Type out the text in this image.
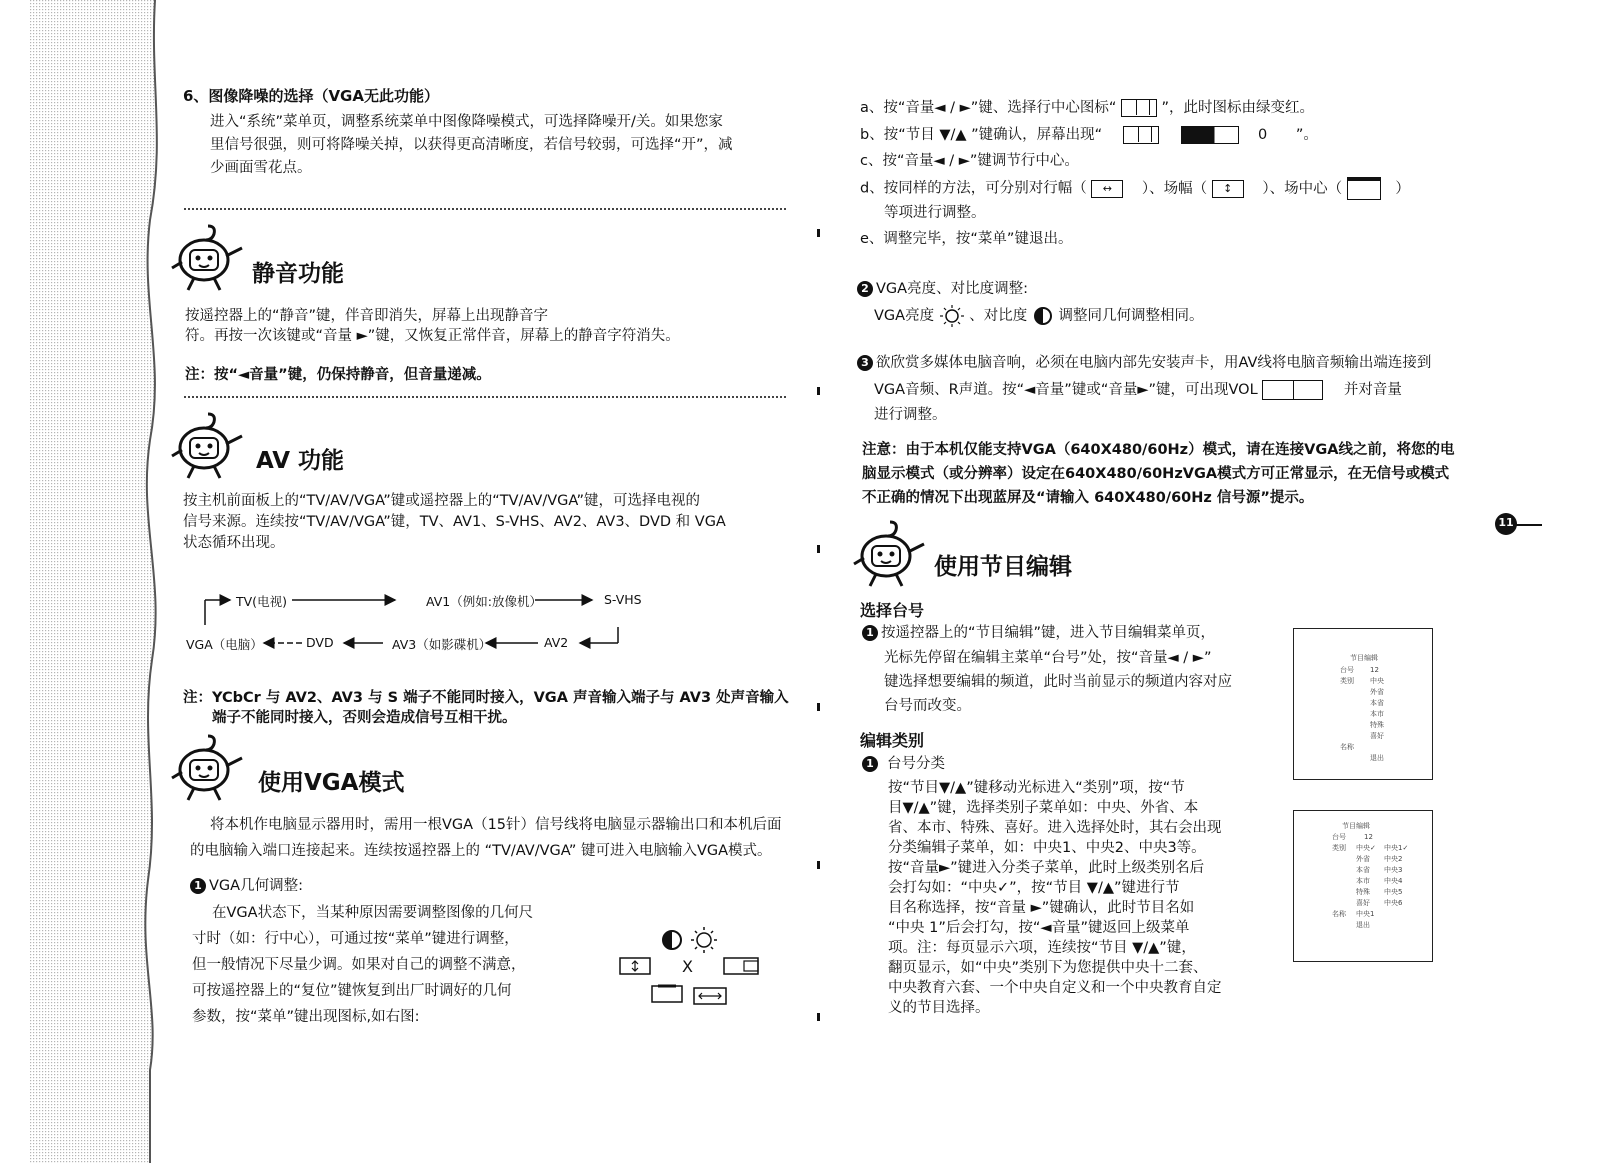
6、图像降噪的选择（VGA无此功能）
进入“系统”菜单页，调整系统菜单中图像降噪模式，可选择降噪开/关。如果您家
里信号很强，则可将降噪关掉，以获得更高清晰度，若信号较弱，可选择“开”，减
少画面雪花点。
静音功能
按遥控器上的“静音”键，伴音即消失，屏幕上出现静音字
符。再按一次该键或“音量 ►”键，又恢复正常伴音，屏幕上的静音字符消失。
注：按“◄音量”键，仍保持静音，但音量递减。
AV 功能
按主机前面板上的“TV/AV/VGA”键或遥控器上的“TV/AV/VGA”键，可选择电视的
信号来源。连续按“TV/AV/VGA”键，TV、AV1、S-VHS、AV2、AV3、DVD 和 VGA
状态循环出现。
TV(电视)	AV1（例如:放像机）	S-VHS
AV2
AV3（如影碟机）
DVD
VGA（电脑）
注：YCbCr 与 AV2、AV3 与 S 端子不能同时接入，VGA 声音输入端子与 AV3 处声音输入
端子不能同时接入，否则会造成信号互相干扰。
使用VGA模式
将本机作电脑显示器用时，需用一根VGA（15针）信号线将电脑显示器输出口和本机后面
的电脑输入端口连接起来。连续按遥控器上的 “TV/AV/VGA” 键可进入电脑输入VGA模式。
1 VGA几何调整:
在VGA状态下，当某种原因需要调整图像的几何尺
寸时（如：行中心），可通过按“菜单”键进行调整，
但一般情况下尽量少调。如果对自己的调整不满意，
可按遥控器上的“复位”键恢复到出厂时调好的几何
参数，按“菜单”键出现图标,如右图:
X
a、按“音量◄ / ►”键、选择行中心图标“	”，此时图标由绿变红。
b、按“节目 ▼/▲ ”键确认，屏幕出现“	0 ”。
c、按“音量◄ / ►”键调节行中心。
d、按同样的方法，可分别对行幅（ ↔ ）、场幅（ ↕ ）、场中心（	）
等项进行调整。
e、调整完毕，按“菜单”键退出。
2 VGA亮度、对比度调整:
VGA亮度 、对比度 调整同几何调整相同。
3 欲欣赏多媒体电脑音响，必须在电脑内部先安装声卡，用AV线将电脑音频输出端连接到
VGA音频、R声道。按“◄音量”键或“音量►”键，可出现VOL	并对音量
进行调整。
注意：由于本机仅能支持VGA（640X480/60Hz）模式，请在连接VGA线之前，将您的电
脑显示模式（或分辨率）设定在640X480/60HzVGA模式方可正常显示，在无信号或模式
不正确的情况下出现蓝屏及“请输入 640X480/60Hz 信号源”提示。
11
使用节目编辑
选择台号
1 按遥控器上的“节目编辑”键，进入节目编辑菜单页，
光标先停留在编辑主菜单“台号”处，按“音量◄ / ►”
键选择想要编辑的频道，此时当前显示的频道内容对应
台号而改变。
编辑类别
1 台号分类
按“节目▼/▲”键移动光标进入“类别”项，按“节
目▼/▲”键，选择类别子菜单如：中央、外省、本
省、本市、特殊、喜好。进入选择处时，其右会出现
分类编辑子菜单，如：中央1、中央2、中央3等。
按“音量►”键进入分类子菜单，此时上级类别名后
会打勾如：“中央✓”，按“节目 ▼/▲”键进行节
目名称选择，按“音量 ►”键确认，此时节目名如
“中央 1”后会打勾，按“◄音量”键返回上级菜单
项。注：每页显示六项，连续按“节目 ▼/▲”键，
翻页显示，如“中央”类别下为您提供中央十二套、
中央教育六套、一个中央自定义和一个中央教育自定
义的节目选择。
节目编辑
台号 12
类别 中央
外省
本省
本市
特殊
喜好
名称
退出
节目编辑
台号	12
类别 中央✓ 中央1✓
外省 中央2
本省 中央3
本市 中央4
特殊 中央5
喜好 中央6
名称 中央1
退出
